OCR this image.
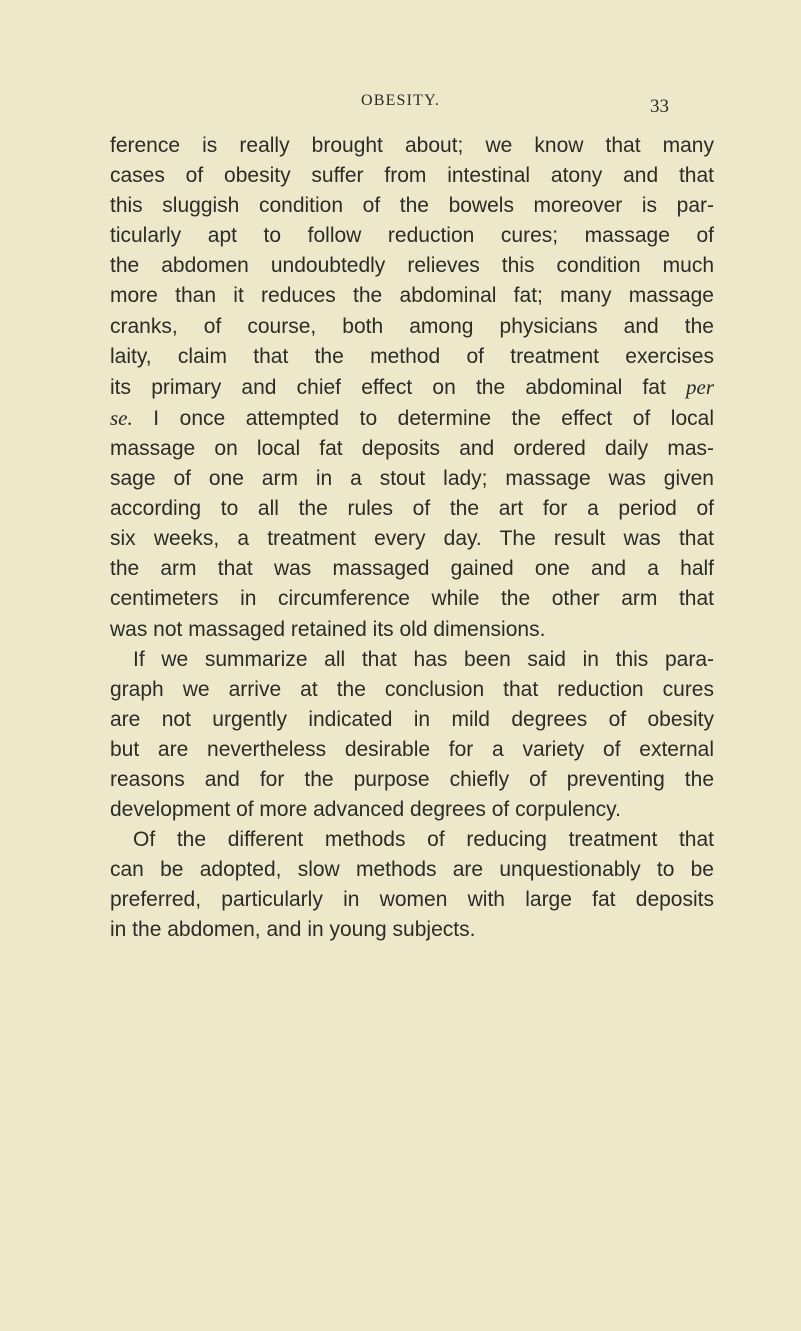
OBESITY.	33
ference is really brought about; we know that many
cases of obesity suffer from intestinal atony and that
this sluggish condition of the bowels moreover is par-
ticularly apt to follow reduction cures; massage of
the abdomen undoubtedly relieves this condition much
more than it reduces the abdominal fat; many massage
cranks, of course, both among physicians and the
laity, claim that the method of treatment exercises
its primary and chief effect on the abdominal fat per
se. I once attempted to determine the effect of local
massage on local fat deposits and ordered daily mas-
sage of one arm in a stout lady; massage was given
according to all the rules of the art for a period of
six weeks, a treatment every day. The result was that
the arm that was massaged gained one and a half
centimeters in circumference while the other arm that
was not massaged retained its old dimensions.
If we summarize all that has been said in this para-
graph we arrive at the conclusion that reduction cures
are not urgently indicated in mild degrees of obesity
but are nevertheless desirable for a variety of external
reasons and for the purpose chiefly of preventing the
development of more advanced degrees of corpulency.
Of the different methods of reducing treatment that
can be adopted, slow methods are unquestionably to be
preferred, particularly in women with large fat deposits
in the abdomen, and in young subjects.
